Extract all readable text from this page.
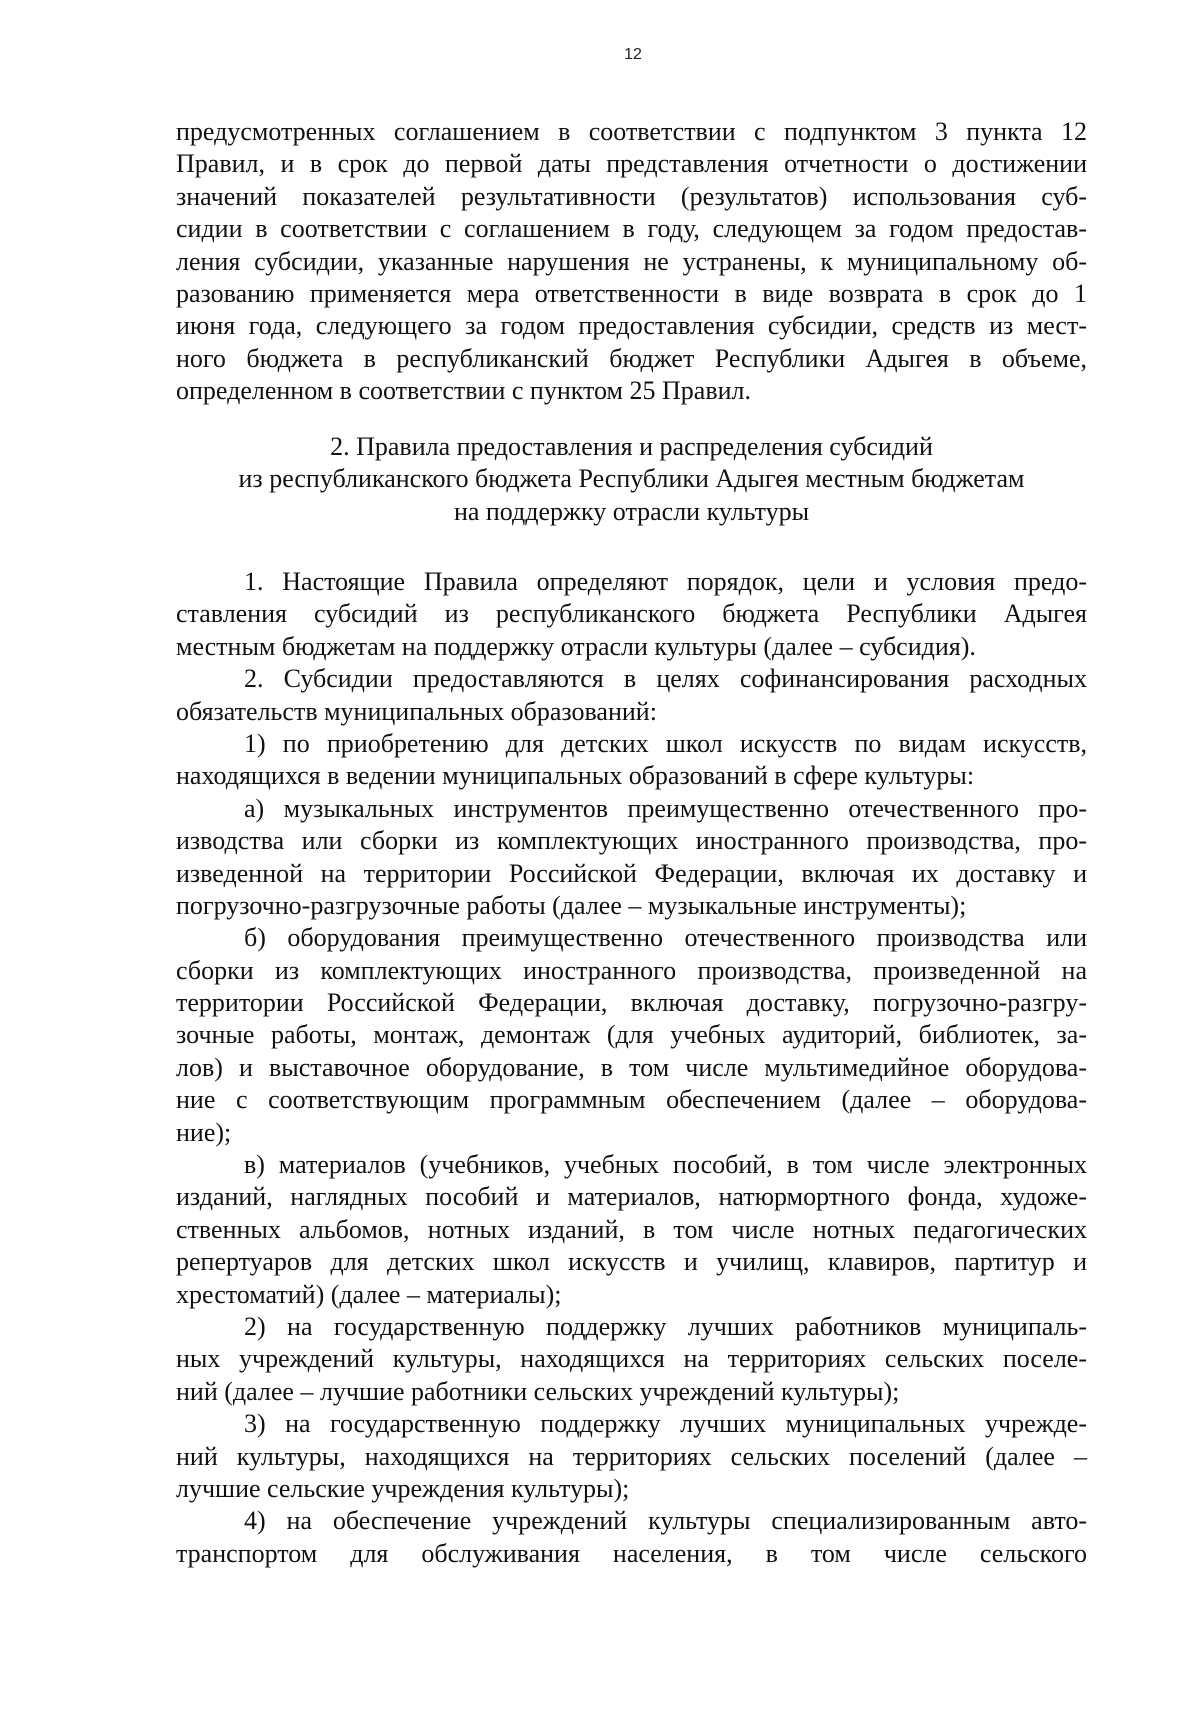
12
предусмотренных соглашением в соответствии с подпунктом 3 пункта 12
Правил, и в срок до первой даты представления отчетности о достижении
значений показателей результативности (результатов) использования суб-
сидии в соответствии с соглашением в году, следующем за годом предостав-
ления субсидии, указанные нарушения не устранены, к муниципальному об-
разованию применяется мера ответственности в виде возврата в срок до 1
июня года, следующего за годом предоставления субсидии, средств из мест-
ного бюджета в республиканский бюджет Республики Адыгея в объеме,
определенном в соответствии с пунктом 25 Правил.
2. Правила предоставления и распределения субсидий
из республиканского бюджета Республики Адыгея местным бюджетам
на поддержку отрасли культуры
1. Настоящие Правила определяют порядок, цели и условия предо-
ставления субсидий из республиканского бюджета Республики Адыгея
местным бюджетам на поддержку отрасли культуры (далее – субсидия).
2. Субсидии предоставляются в целях софинансирования расходных
обязательств муниципальных образований:
1) по приобретению для детских школ искусств по видам искусств,
находящихся в ведении муниципальных образований в сфере культуры:
а) музыкальных инструментов преимущественно отечественного про-
изводства или сборки из комплектующих иностранного производства, про-
изведенной на территории Российской Федерации, включая их доставку и
погрузочно-разгрузочные работы (далее – музыкальные инструменты);
б) оборудования преимущественно отечественного производства или
сборки из комплектующих иностранного производства, произведенной на
территории Российской Федерации, включая доставку, погрузочно-разгру-
зочные работы, монтаж, демонтаж (для учебных аудиторий, библиотек, за-
лов) и выставочное оборудование, в том числе мультимедийное оборудова-
ние с соответствующим программным обеспечением (далее – оборудова-
ние);
в) материалов (учебников, учебных пособий, в том числе электронных
изданий, наглядных пособий и материалов, натюрмортного фонда, художе-
ственных альбомов, нотных изданий, в том числе нотных педагогических
репертуаров для детских школ искусств и училищ, клавиров, партитур и
хрестоматий) (далее – материалы);
2) на государственную поддержку лучших работников муниципаль-
ных учреждений культуры, находящихся на территориях сельских поселе-
ний (далее – лучшие работники сельских учреждений культуры);
3) на государственную поддержку лучших муниципальных учрежде-
ний культуры, находящихся на территориях сельских поселений (далее –
лучшие сельские учреждения культуры);
4) на обеспечение учреждений культуры специализированным авто-
транспортом для обслуживания населения, в том числе сельского
